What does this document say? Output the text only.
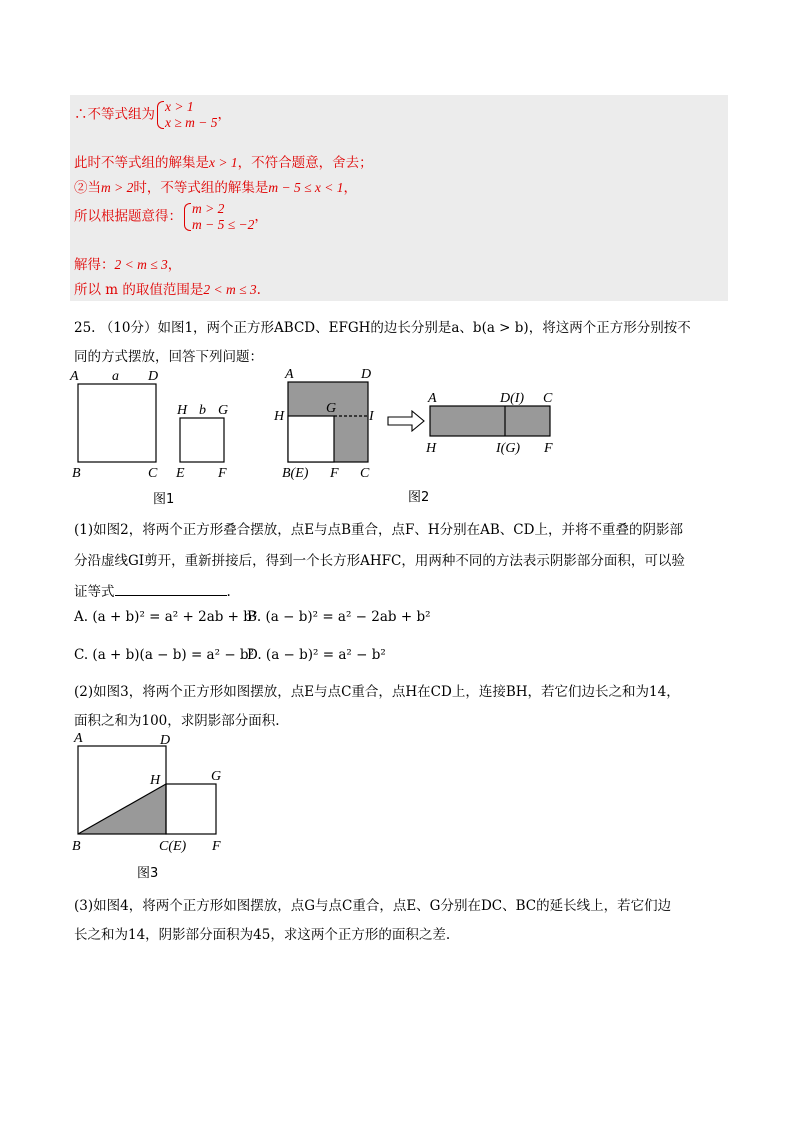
∴不等式组为 x > 1
x ≥ m − 5 ，
此时不等式组的解集是x > 1，不符合题意，舍去；
②当m > 2时，不等式组的解集是m − 5 ≤ x < 1，
所以根据题意得： m > 2
m − 5 ≤ −2 ，
解得：2 < m ≤ 3，
所以 m 的取值范围是2 < m ≤ 3.
25. （10分）如图1，两个正方形ABCD、EFGH的边长分别是a、b(a > b)，将这两个正方形分别按不
同的方式摆放，回答下列问题：
A a D
B	C
H b G
E F
图1
A	D
H
G
I
B(E) F C
A	D(I) C
H	I(G) F
图2
(1)如图2，将两个正方形叠合摆放，点E与点B重合，点F、H分别在AB、CD上，并将不重叠的阴影部
分沿虚线GI剪开，重新拼接后，得到一个长方形AHFC，用两种不同的方法表示阴影部分面积，可以验
证等式	.
A. (a + b)² = a² + 2ab + b²
B. (a − b)² = a² − 2ab + b²
C. (a + b)(a − b) = a² − b²
D. (a − b)² = a² − b²
(2)如图3，将两个正方形如图摆放，点E与点C重合，点H在CD上，连接BH，若它们边长之和为14，
面积之和为100，求阴影部分面积.
A	D
H	G
B	C(E) F
图3
(3)如图4，将两个正方形如图摆放，点G与点C重合，点E、G分别在DC、BC的延长线上，若它们边
长之和为14，阴影部分面积为45，求这两个正方形的面积之差.
